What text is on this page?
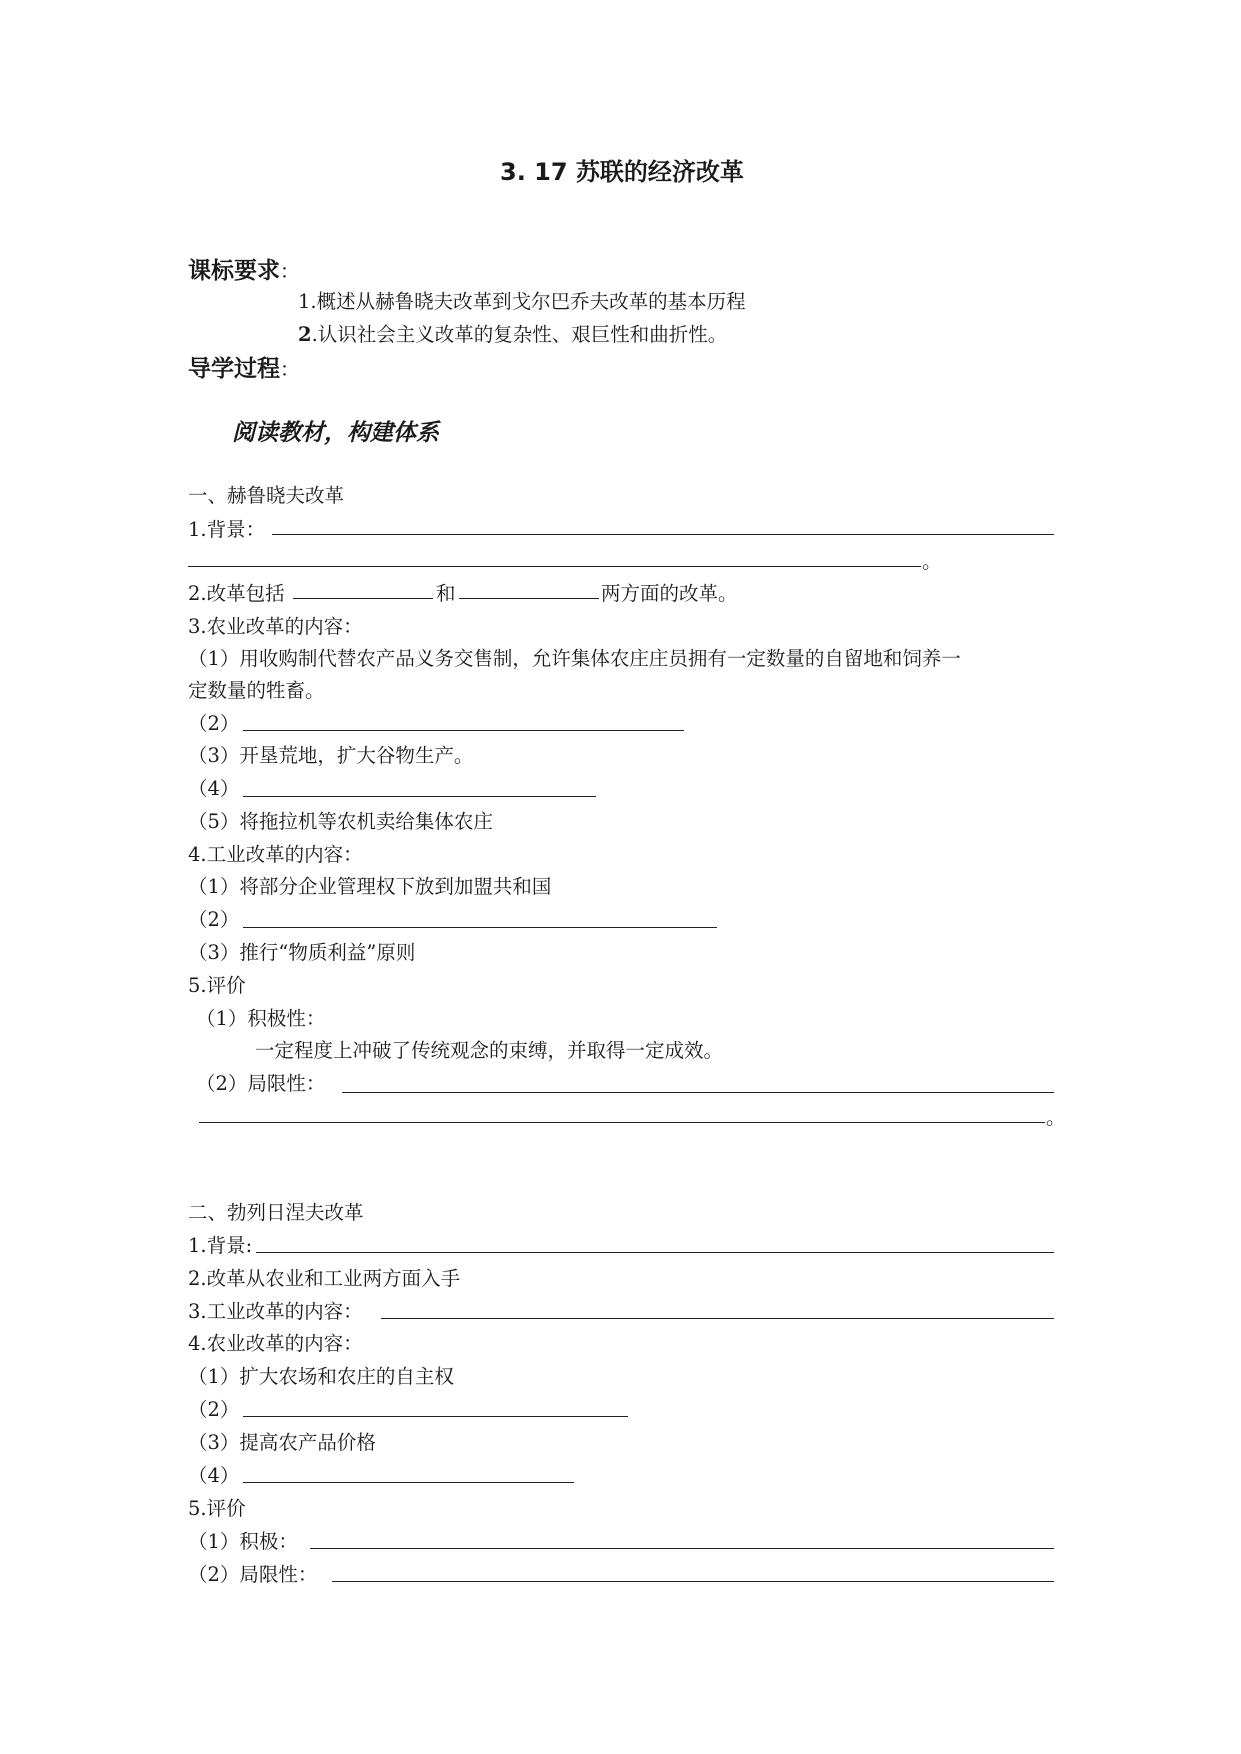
3. 17 苏联的经济改革
课标要求：
1.概述从赫鲁晓夫改革到戈尔巴乔夫改革的基本历程
2.认识社会主义改革的复杂性、艰巨性和曲折性。
导学过程：
阅读教材，构建体系
一、赫鲁晓夫改革
1.背景：
。
2.改革包括	和	两方面的改革。
3.农业改革的内容：
（1）用收购制代替农产品义务交售制，允许集体农庄庄员拥有一定数量的自留地和饲养一
定数量的牲畜。
（2）
（3）开垦荒地，扩大谷物生产。
（4）
（5）将拖拉机等农机卖给集体农庄
4.工业改革的内容：
（1）将部分企业管理权下放到加盟共和国
（2）
（3）推行“物质利益”原则
5.评价
（1）积极性：
一定程度上冲破了传统观念的束缚，并取得一定成效。
（2）局限性：
。
二、勃列日涅夫改革
1.背景:
2.改革从农业和工业两方面入手
3.工业改革的内容：
4.农业改革的内容：
（1）扩大农场和农庄的自主权
（2）
（3）提高农产品价格
（4）
5.评价
（1）积极：
（2）局限性：
